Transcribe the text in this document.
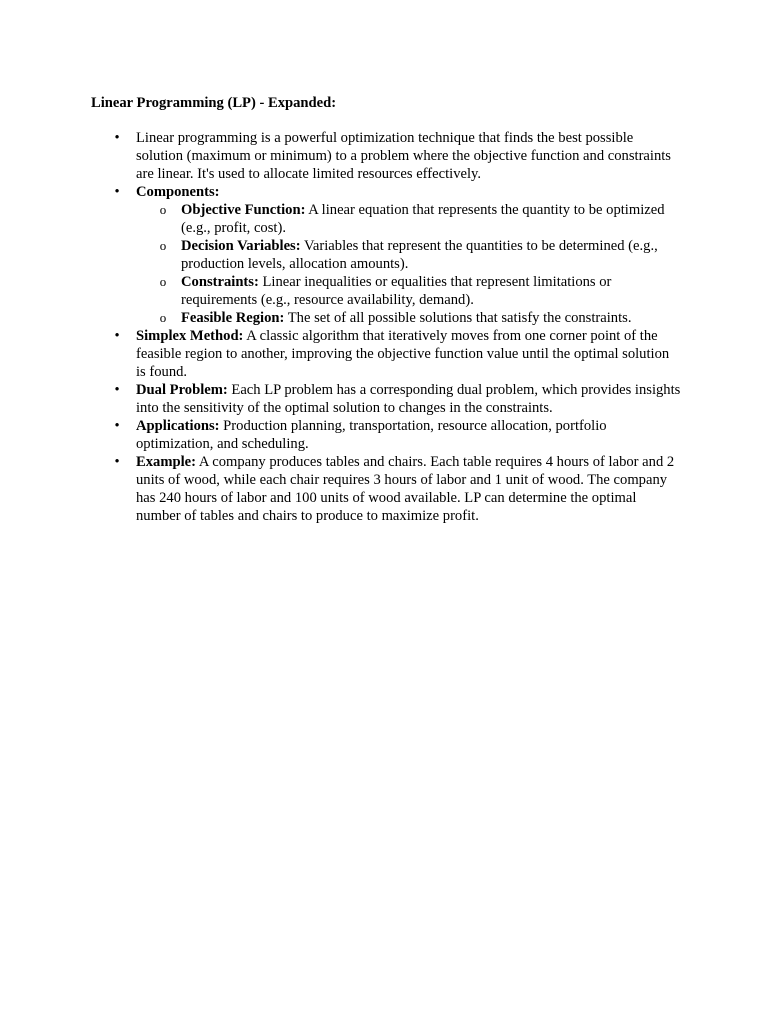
Linear Programming (LP) - Expanded:

• Linear programming is a powerful optimization technique that finds the best possible solution (maximum or minimum) to a problem where the objective function and constraints are linear. It's used to allocate limited resources effectively.
• Components:
o Objective Function: A linear equation that represents the quantity to be optimized (e.g., profit, cost).
o Decision Variables: Variables that represent the quantities to be determined (e.g., production levels, allocation amounts).
o Constraints: Linear inequalities or equalities that represent limitations or requirements (e.g., resource availability, demand).
o Feasible Region: The set of all possible solutions that satisfy the constraints.
• Simplex Method: A classic algorithm that iteratively moves from one corner point of the feasible region to another, improving the objective function value until the optimal solution is found.
• Dual Problem: Each LP problem has a corresponding dual problem, which provides insights into the sensitivity of the optimal solution to changes in the constraints.
• Applications: Production planning, transportation, resource allocation, portfolio optimization, and scheduling.
• Example: A company produces tables and chairs. Each table requires 4 hours of labor and 2 units of wood, while each chair requires 3 hours of labor and 1 unit of wood. The company has 240 hours of labor and 100 units of wood available. LP can determine the optimal number of tables and chairs to produce to maximize profit.
